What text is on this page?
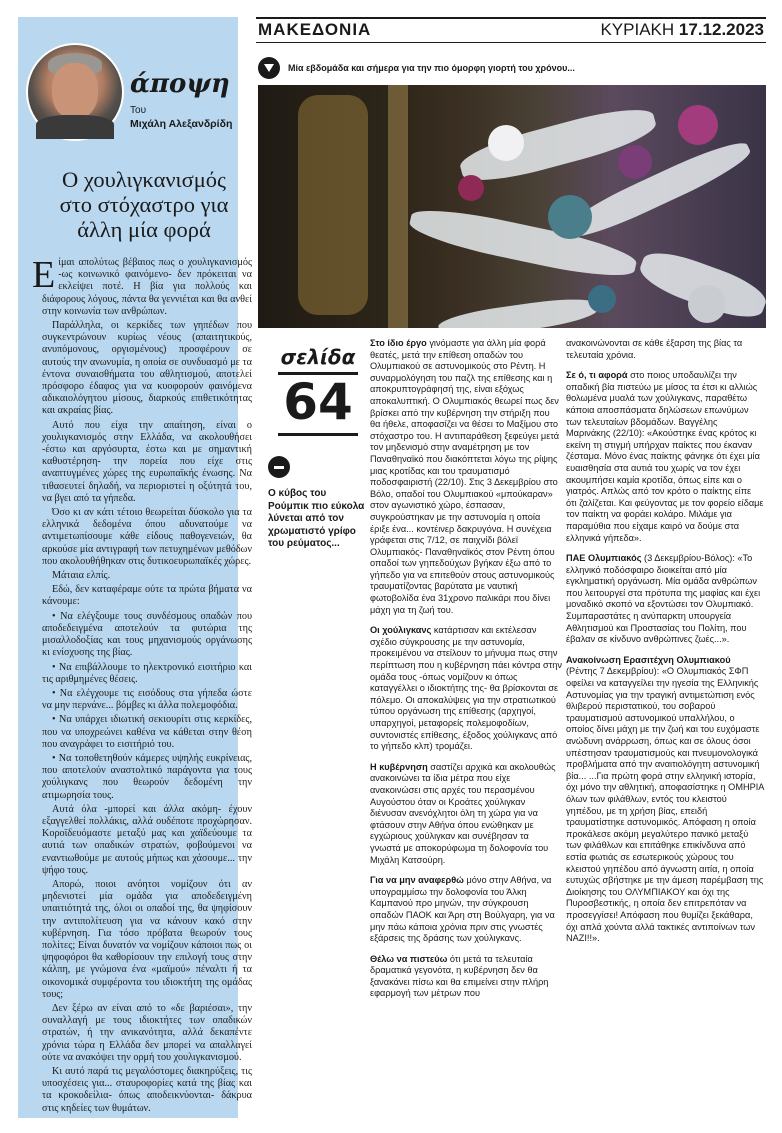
άποψη
Του
Μιχάλη Αλεξανδρίδη
Ο χουλιγκανισμός στο στόχαστρο για άλλη μία φορά
Ε ίμαι απολύτως βέβαιος πως ο χουλιγκανισμός -ως κοινωνικό φαινόμενο- δεν πρόκειται να εκλείψει ποτέ. Η βία για πολλούς και διάφορους λόγους, πάντα θα γεννιέται και θα ανθεί στην κοινωνία των ανθρώπων.

Παράλληλα, οι κερκίδες των γηπέδων που συγκεντρώνουν κυρίως νέους (απαιτητικούς, ανυπόμονους, οργισμένους) προσφέρουν σε αυτούς την ανωνυμία, η οποία σε συνδυασμό με τα έντονα συναισθήματα του αθλητισμού, αποτελεί πρόσφορο έδαφος για να κυοφορούν φαινόμενα αδικαιολόγητου μίσους, διαρκούς επιθετικότητας και ακραίας βίας.

Αυτό που είχα την απαίτηση, είναι ο χουλιγκανισμός στην Ελλάδα, να ακολουθήσει -έστω και αργόσυρτα, έστω και με σημαντική καθυστέρηση- την πορεία που είχε στις αναπτυγμένες χώρες της ευρωπαϊκής ένωσης. Να τιθασευτεί δηλαδή, να περιοριστεί η οξύτητά του, να βγει από τα γήπεδα.

Όσο κι αν κάτι τέτοιο θεωρείται δύσκολο για τα ελληνικά δεδομένα όπου αδυνατούμε να αντιμετωπίσουμε κάθε είδους παθογενειών, θα αρκούσε μία αντιγραφή των πετυχημένων μεθόδων που ακολουθήθηκαν στις δυτικοευρωπαϊκές χώρες.

Μάταια ελπίς.

Εδώ, δεν καταφέραμε ούτε τα πρώτα βήματα να κάνουμε:

• Να ελέγξουμε τους συνδέσμους οπαδών που αποδεδειγμένα αποτελούν τα φυτώρια της μισαλλοδοξίας και τους μηχανισμούς οργάνωσης κι ενίσχυσης της βίας.

• Να επιβάλλουμε το ηλεκτρονικό εισιτήριο και τις αριθμημένες θέσεις.

• Να ελέγχουμε τις εισόδους στα γήπεδα ώστε να μην περνάνε... βόμβες κι άλλα πολεμοφόδια.

• Να υπάρχει ιδιωτική σεκιουρίτι στις κερκίδες, που να υποχρεώνει καθένα να κάθεται στην θέση που αναγράφει το εισιτήριό του.

• Να τοποθετηθούν κάμερες υψηλής ευκρίνειας, που αποτελούν αναστολτικό παράγοντα για τους χούλιγκανς που θεωρούν δεδομένη την ατιμωρησία τους.

Αυτά όλα -μπορεί και άλλα ακόμη- έχουν εξαγγελθεί πολλάκις, αλλά ουδέποτε προχώρησαν. Κοροϊδευόμαστε μεταξύ μας και χαϊδεύουμε τα αυτιά των οπαδικών στρατών, φοβούμενοι να εναντιωθούμε με αυτούς μήπως και χάσουμε... την ψήφο τους.

Απορώ, ποιοι ανόητοι νομίζουν ότι αν μηδενιστεί μία ομάδα για αποδεδειγμένη υπαιτιότητά της, όλοι οι οπαδοί της, θα ψηφίσουν την αντιπολίτευση για να κάνουν κακό στην κυβέρνηση. Για τόσο πρόβατα θεωρούν τους πολίτες; Είναι δυνατόν να νομίζουν κάποιοι πως οι ψηφοφόροι θα καθορίσουν την επιλογή τους στην κάλπη, με γνώμονα ένα «μαϊμού» πέναλτι ή τα οικονομικά συμφέροντα του ιδιοκτήτη της ομάδας τους;

Δεν ξέρω αν είναι από το «δε βαριέσαι», την συναλλαγή με τους ιδιοκτήτες των οπαδικών στρατών, ή την ανικανότητα, αλλά δεκαπέντε χρόνια τώρα η Ελλάδα δεν μπορεί να απαλλαγεί ούτε να ανακόψει την ορμή του χουλιγκανισμού.

Κι αυτό παρά τις μεγαλόστομες διακηρύξεις, τις υποσχέσεις για... σταυροφορίες κατά της βίας και τα κροκοδείλια- όπως αποδεικνύονται- δάκρυα στις κηδείες των θυμάτων.

ΜΑΚΕΔΟΝΙΑ	ΚΥΡΙΑΚΗ 17.12.2023
Μία εβδομάδα και σήμερα για την πιο όμορφη γιορτή του χρόνου...
σελίδα
64
Ο κύβος του Ρούμπικ πιο εύκολα λύνεται από τον χρωματιστό γρίφο του ρεύματος...

Στο ίδιο έργο γινόμαστε για άλλη μία φορά θεατές, μετά την επίθεση οπαδών του Ολυμπιακού σε αστυνομικούς στο Ρέντη. Η συναρμολόγηση του παζλ της επίθεσης και η αποκρυπτογράφησή της, είναι εξόχως αποκαλυπτική. Ο Ολυμπιακός θεωρεί πως δεν βρίσκει από την κυβέρνηση την στήριξη που θα ήθελε, αποφασίζει να θέσει το Μαξίμου στο στόχαστρο του. Η αντιπαράθεση ξεφεύγει μετά τον μηδενισμό στην αναμέτρηση με τον Παναθηναϊκό που διακόπτεται λόγω της ρίψης μιας κροτίδας και του τραυματισμό ποδοσφαιριστή (22/10). Στις 3 Δεκεμβρίου στο Βόλο, οπαδοί του Ολυμπιακού «μπούκαραν» στον αγωνιστικό χώρο, έσπασαν, συγκρούστηκαν με την αστυνομία η οποία έριξε ένα... κοντέινερ δακρυγόνα. Η συνέχεια γράφεται στις 7/12, σε παιχνίδι βόλεϊ Ολυμπιακός- Παναθηναϊκός στον Ρέντη όπου οπαδοί των γηπεδούχων βγήκαν έξω από το γήπεδο για να επιτεθούν στους αστυνομικούς τραυματίζοντας βαρύτατα με ναυτική φωτοβολίδα ένα 31χρονο παλικάρι που δίνει μάχη για τη ζωή του.

Οι χούλιγκανς κατάρτισαν και εκτέλεσαν σχέδιο σύγκρουσης με την αστυνομία, προκειμένου να στείλουν το μήνυμα πως στην περίπτωση που η κυβέρνηση πάει κόντρα στην ομάδα τους -όπως νομίζουν κι όπως καταγγέλλει ο ιδιοκτήτης της- θα βρίσκονται σε πόλεμο. Οι αποκαλύψεις για την στρατιωτικού τύπου οργάνωση της επίθεσης (αρχηγοί, υπαρχηγοί, μεταφορείς πολεμοφοδίων, συντονιστές επίθεσης, έξοδος χούλιγκανς από το γήπεδο κλπ) τρομάζει.

Η κυβέρνηση σαστίζει αρχικά και ακολουθώς ανακοινώνει τα ίδια μέτρα που είχε ανακοινώσει στις αρχές του περασμένου Αυγούστου όταν οι Κροάτες χούλιγκαν διένυσαν ανενόχλητοι όλη τη χώρα για να φτάσουν στην Αθήνα όπου ενώθηκαν με εγχώριους χούλιγκαν και συνέβησαν τα γνωστά με αποκορύφωμα τη δολοφονία του Μιχάλη Κατσούρη.

Για να μην αναφερθώ μόνο στην Αθήνα, να υπογραμμίσω την δολοφονία του Άλκη Καμπανού προ μηνών, την σύγκρουση οπαδών ΠΑΟΚ και Άρη στη Βούλγαρη, για να μην πάω κάποια χρόνια πριν στις γνωστές εξάρσεις της δράσης των χούλιγκανς.

Θέλω να πιστεύω ότι μετά τα τελευταία δραματικά γεγονότα, η κυβέρνηση δεν θα ξανακάνει πίσω και θα επιμείνει στην πλήρη εφαρμογή των μέτρων που

ανακοινώνονται σε κάθε έξαρση της βίας τα τελευταία χρόνια.

Σε ό, τι αφορά στο ποιος υποδαυλίζει την οπαδική βία πιστεύω με μίσος τα έτσι κι αλλιώς θολωμένα μυαλά των χούλιγκανς, παραθέτω κάποια αποσπάσματα δηλώσεων επωνύμων των τελευταίων βδομάδων. Βαγγέλης Μαρινάκης (22/10): «Ακούστηκε ένας κρότος κι εκείνη τη στιγμή υπήρχαν παίκτες που έκαναν ζέσταμα. Μόνο ένας παίκτης φάνηκε ότι έχει μία ευαισθησία στα αυτιά του χωρίς να τον έχει ακουμπήσει καμία κροτίδα, όπως είπε και ο γιατρός. Απλώς από τον κρότο ο παίκτης είπε ότι ζαλίζεται. Και φεύγοντας με τον φορείο είδαμε τον παίκτη να φοράει κολάρο. Μιλάμε για παραμύθια που είχαμε καιρό να δούμε στα ελληνικά γήπεδα».

ΠΑΕ Ολυμπιακός (3 Δεκεμβρίου-Βόλος): «Το ελληνικό ποδόσφαιρο διοικείται από μία εγκληματική οργάνωση. Μία ομάδα ανθρώπων που λειτουργεί στα πρότυπα της μαφίας και έχει μοναδικό σκοπό να εξοντώσει τον Ολυμπιακό. Συμπαραστάτες η ανύπαρκτη υπουργεία Αθλητισμού και Προστασίας του Πολίτη, που έβαλαν σε κίνδυνο ανθρώπινες ζωές...».

Ανακοίνωση Ερασιτέχνη Ολυμπιακού (Ρέντης 7 Δεκεμβρίου): «Ο Ολυμπιακός ΣΦΠ οφείλει να καταγγείλει την ηγεσία της Ελληνικής Αστυνομίας για την τραγική αντιμετώπιση ενός θλιβερού περιστατικού, του σοβαρού τραυματισμού αστυνομικού υπαλλήλου, ο οποίος δίνει μάχη με την ζωή και του ευχόμαστε ανώδυνη ανάρρωση, όπως και σε όλους όσοι υπέστησαν τραυματισμούς και πνευμονολογικά προβλήματα από την αναιτιολόγητη αστυνομική βία... ...Για πρώτη φορά στην ελληνική ιστορία, όχι μόνο την αθλητική, αποφασίστηκε η ΟΜΗΡΙΑ όλων των φιλάθλων, εντός του κλειστού γηπέδου, με τη χρήση βίας, επειδή τραυματίστηκε αστυνομικός. Απόφαση η οποία προκάλεσε ακόμη μεγαλύτερο πανικό μεταξύ των φιλάθλων και επιτάθηκε επικίνδυνα από εστία φωτιάς σε εσωτερικούς χώρους του κλειστού γηπέδου από άγνωστη αιτία, η οποία ευτυχώς σβήστηκε με την άμεση παρέμβαση της Διοίκησης του ΟΛΥΜΠΙΑΚΟΥ και όχι της Πυροσβεστικής, η οποία δεν επιτρεπόταν να προσεγγίσει! Απόφαση που θυμίζει ξεκάθαρα, όχι απλά χούντα αλλά τακτικές αντιποίνων των NAZI!!».
